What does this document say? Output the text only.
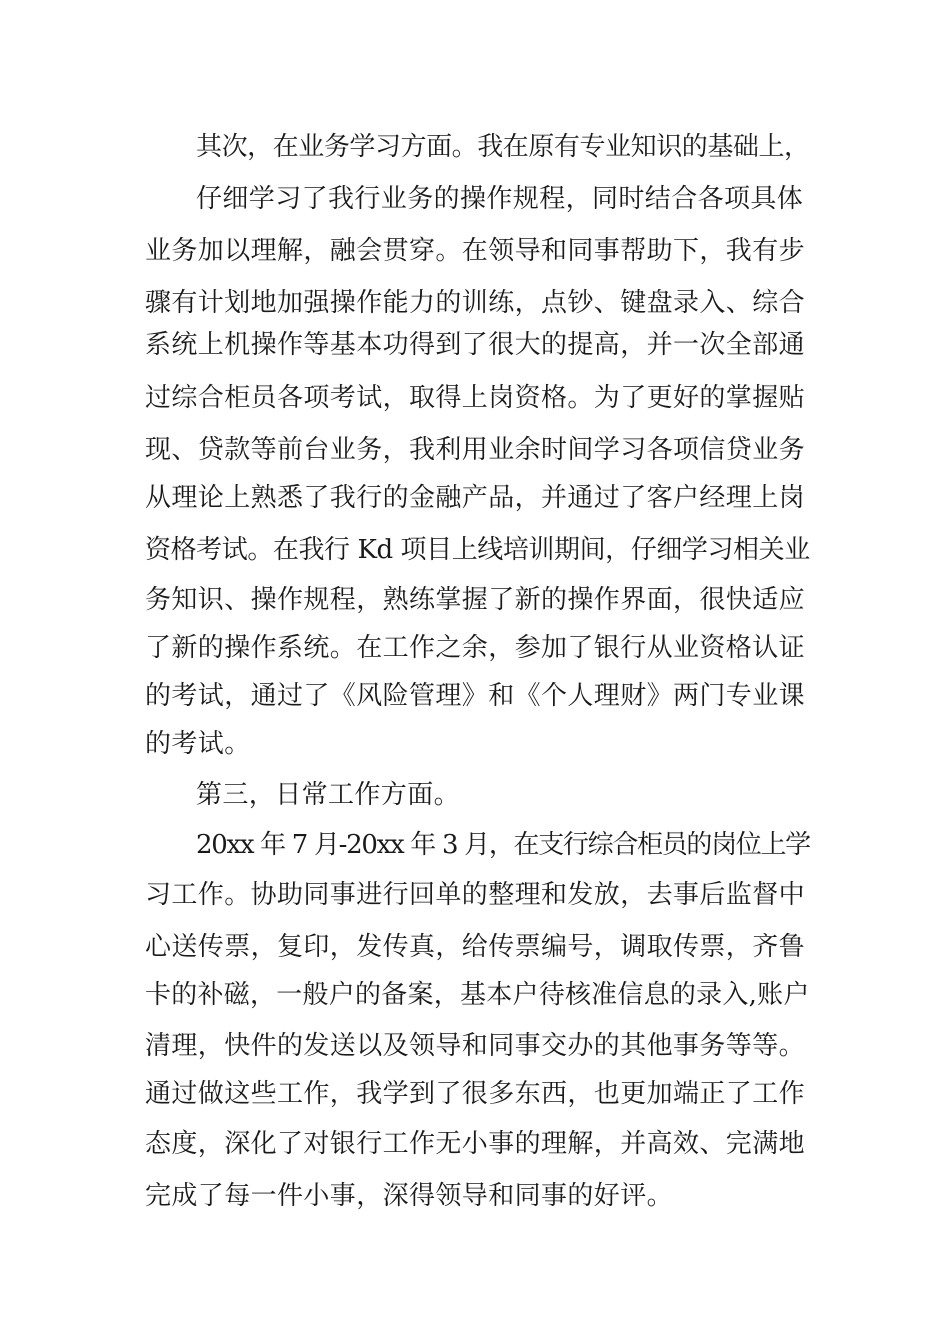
其次，在业务学习方面。我在原有专业知识的基础上，
仔细学习了我行业务的操作规程，同时结合各项具体
业务加以理解，融会贯穿。在领导和同事帮助下，我有步
骤有计划地加强操作能力的训练，点钞、键盘录入、综合
系统上机操作等基本功得到了很大的提高，并一次全部通
过综合柜员各项考试，取得上岗资格。为了更好的掌握贴
现、贷款等前台业务，我利用业余时间学习各项信贷业务
从理论上熟悉了我行的金融产品，并通过了客户经理上岗
资格考试。在我行 Kd 项目上线培训期间，仔细学习相关业
务知识、操作规程，熟练掌握了新的操作界面，很快适应
了新的操作系统。在工作之余，参加了银行从业资格认证
的考试，通过了《风险管理》和《个人理财》两门专业课
的考试。
第三，日常工作方面。
20xx 年 7 月-20xx 年 3 月，在支行综合柜员的岗位上学
习工作。协助同事进行回单的整理和发放，去事后监督中
心送传票，复印，发传真，给传票编号，调取传票，齐鲁
卡的补磁，一般户的备案，基本户待核准信息的录入,账户
清理，快件的发送以及领导和同事交办的其他事务等等。
通过做这些工作，我学到了很多东西，也更加端正了工作
态度，深化了对银行工作无小事的理解，并高效、完满地
完成了每一件小事，深得领导和同事的好评。
